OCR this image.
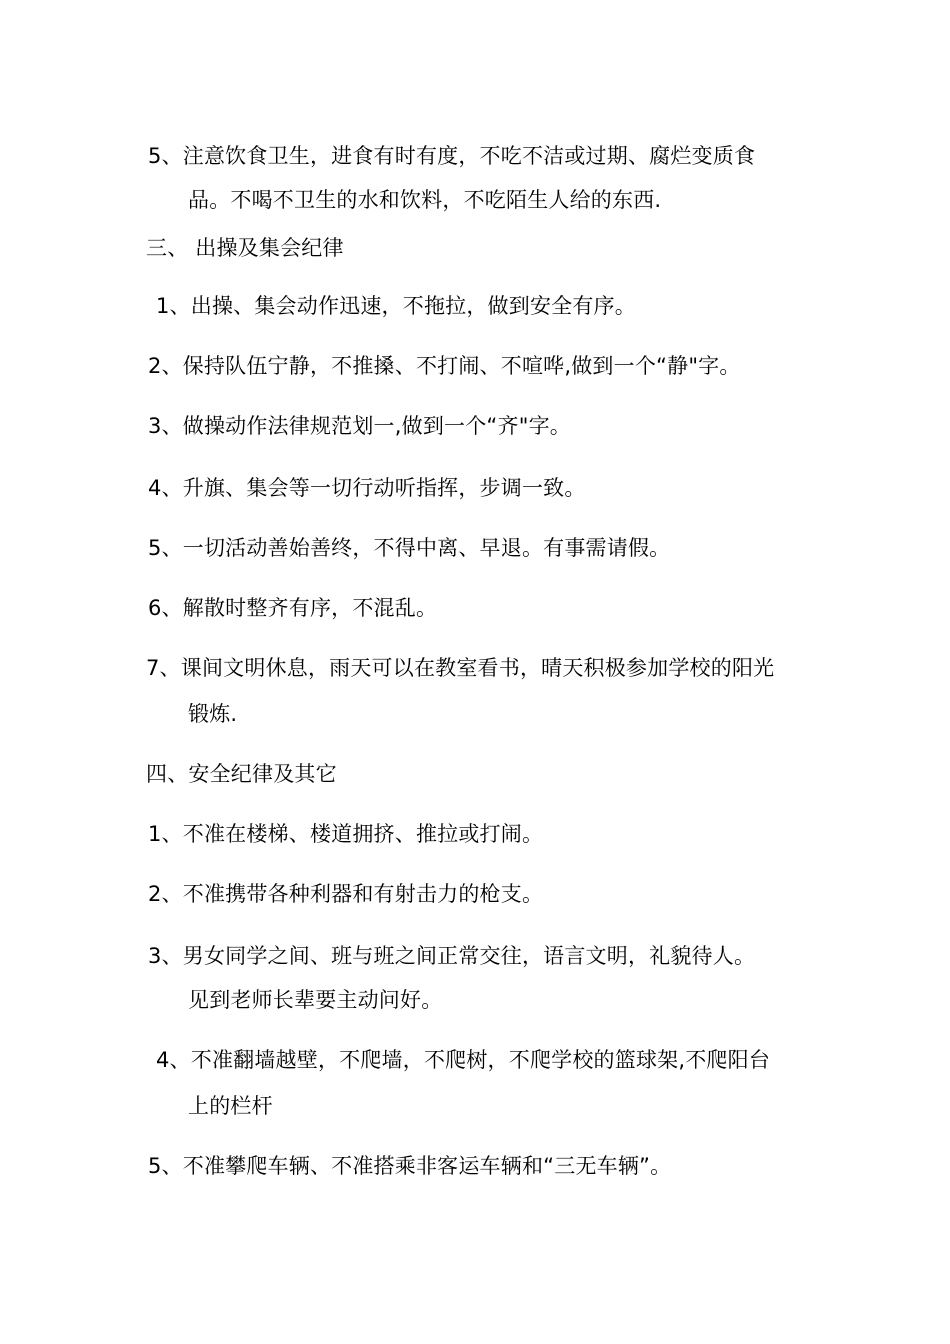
5、注意饮食卫生，进食有时有度，不吃不洁或过期、腐烂变质食
品。不喝不卫生的水和饮料，不吃陌生人给的东西.
三、 出操及集会纪律
1、出操、集会动作迅速，不拖拉，做到安全有序。
2、保持队伍宁静，不推搡、不打闹、不喧哗,做到一个“静"字。
3、做操动作法律规范划一,做到一个“齐"字。
4、升旗、集会等一切行动听指挥，步调一致。
5、一切活动善始善终，不得中离、早退。有事需请假。
6、解散时整齐有序，不混乱。
7、课间文明休息，雨天可以在教室看书，晴天积极参加学校的阳光
锻炼.
四、安全纪律及其它
1、不准在楼梯、楼道拥挤、推拉或打闹。
2、不准携带各种利器和有射击力的枪支。
3、男女同学之间、班与班之间正常交往，语言文明，礼貌待人。
见到老师长辈要主动问好。
4、不准翻墙越壁，不爬墙，不爬树，不爬学校的篮球架,不爬阳台
上的栏杆
5、不准攀爬车辆、不准搭乘非客运车辆和“三无车辆”。
